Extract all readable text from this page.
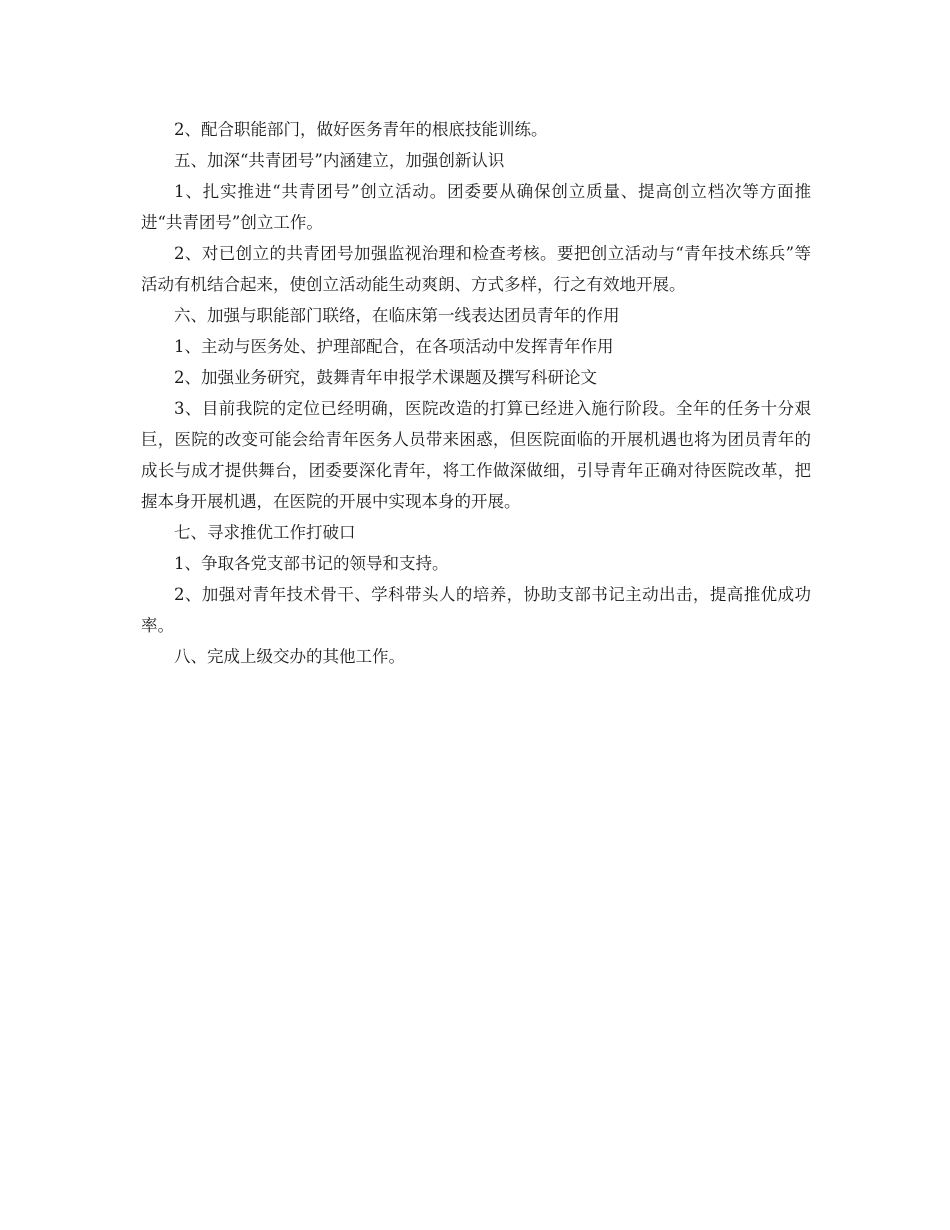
2、配合职能部门，做好医务青年的根底技能训练。

五、加深“共青团号”内涵建立，加强创新认识

1、扎实推进“共青团号”创立活动。团委要从确保创立质量、提高创立档次等方面推进“共青团号”创立工作。

2、对已创立的共青团号加强监视治理和检查考核。要把创立活动与“青年技术练兵”等活动有机结合起来，使创立活动能生动爽朗、方式多样，行之有效地开展。

六、加强与职能部门联络，在临床第一线表达团员青年的作用

1、主动与医务处、护理部配合，在各项活动中发挥青年作用

2、加强业务研究，鼓舞青年申报学术课题及撰写科研论文

3、目前我院的定位已经明确，医院改造的打算已经进入施行阶段。全年的任务十分艰巨，医院的改变可能会给青年医务人员带来困惑，但医院面临的开展机遇也将为团员青年的成长与成才提供舞台，团委要深化青年，将工作做深做细，引导青年正确对待医院改革，把握本身开展机遇，在医院的开展中实现本身的开展。

七、寻求推优工作打破口

1、争取各党支部书记的领导和支持。

2、加强对青年技术骨干、学科带头人的培养，协助支部书记主动出击，提高推优成功率。

八、完成上级交办的其他工作。
